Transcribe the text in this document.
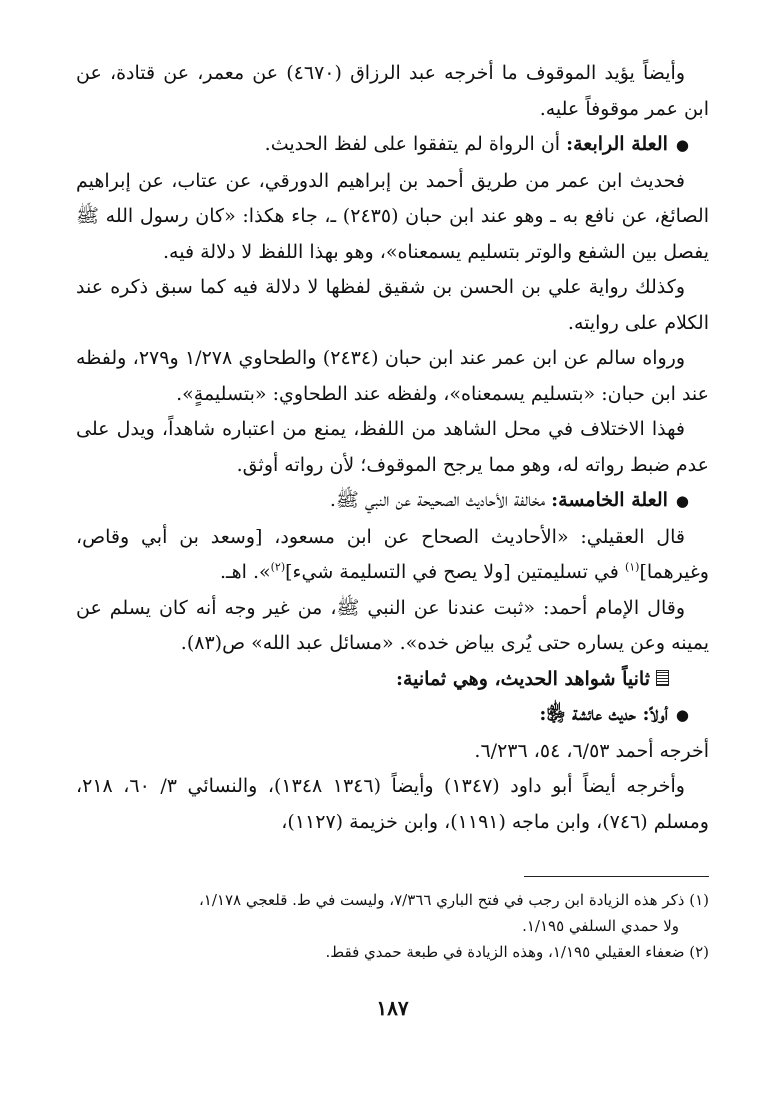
وأيضاً يؤيد الموقوف ما أخرجه عبد الرزاق (٤٦٧٠) عن معمر، عن قتادة، عن ابن عمر موقوفاً عليه.

●العلة الرابعة: أن الرواة لم يتفقوا على لفظ الحديث.

فحديث ابن عمر من طريق أحمد بن إبراهيم الدورقي، عن عتاب، عن إبراهيم الصائغ، عن نافع به ـ وهو عند ابن حبان (٢٤٣٥) ـ، جاء هكذا: «كان رسول الله ﷺ يفصل بين الشفع والوتر بتسليم يسمعناه»، وهو بهذا اللفظ لا دلالة فيه.

وكذلك رواية علي بن الحسن بن شقيق لفظها لا دلالة فيه كما سبق ذكره عند الكلام على روايته.

ورواه سالم عن ابن عمر عند ابن حبان (٢٤٣٤) والطحاوي ١/٢٧٨ و٢٧٩، ولفظه عند ابن حبان: «بتسليم يسمعناه»، ولفظه عند الطحاوي: «بتسليمةٍ».

فهذا الاختلاف في محل الشاهد من اللفظ، يمنع من اعتباره شاهداً، ويدل على عدم ضبط رواته له، وهو مما يرجح الموقوف؛ لأن رواته أوثق.

●العلة الخامسة: مخالفة الأحاديث الصحيحة عن النبي ﷺ.

قال العقيلي: «الأحاديث الصحاح عن ابن مسعود، [وسعد بن أبي وقاص، وغيرهما]$^{(١)}$ في تسليمتين [ولا يصح في التسليمة شيء]$^{(٢)}$». اهـ.

وقال الإمام أحمد: «ثبت عندنا عن النبي ﷺ، من غير وجه أنه كان يسلم عن يمينه وعن يساره حتى يُرى بياض خده». «مسائل عبد الله» ص(٨٣).

ثانياً شواهد الحديث، وهي ثمانية:

●أولاً: حديث عائشة ﵂:

أخرجه أحمد ٦/٥٣، ٥٤، ٦/٢٣٦.

وأخرجه أيضاً أبو داود (١٣٤٧) وأيضاً (١٣٤٦ ١٣٤٨)، والنسائي ٣/ ٦٠، ٢١٨، ومسلم (٧٤٦)، وابن ماجه (١١٩١)، وابن خزيمة (١١٢٧)،

(١) ذكر هذه الزيادة ابن رجب في فتح الباري ٧/٣٦٦، وليست في ط. قلعجي ١/١٧٨،

ولا حمدي السلفي ١/١٩٥.

(٢) ضعفاء العقيلي ١/١٩٥، وهذه الزيادة في طبعة حمدي فقط.

١٨٧
